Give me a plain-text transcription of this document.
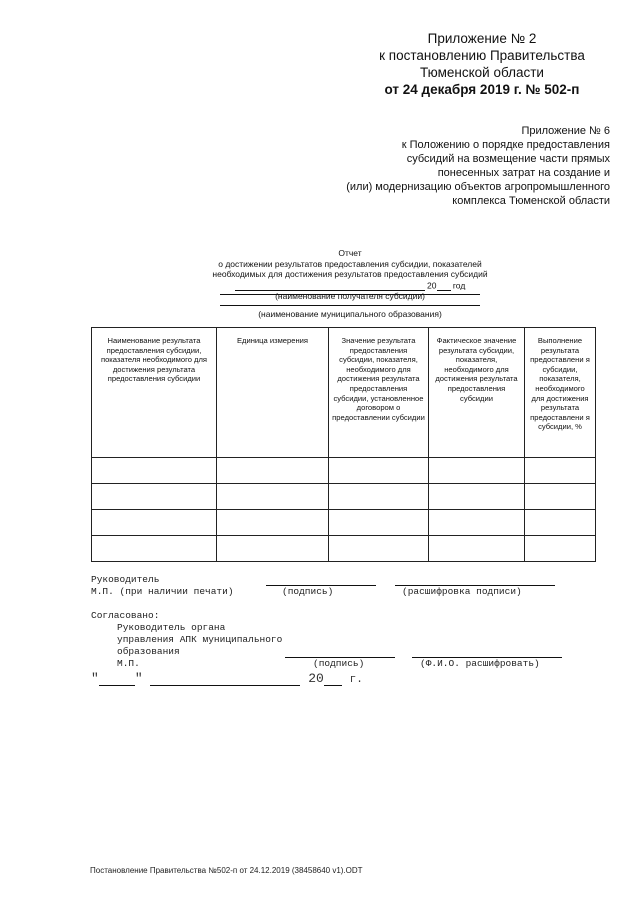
Приложение № 2
к постановлению Правительства
Тюменской области
от 24 декабря 2019 г. № 502-п
Приложение № 6
к Положению о порядке предоставления
субсидий на возмещение части прямых
понесенных затрат на создание и
(или) модернизацию объектов агропромышленного
комплекса Тюменской области
Отчет
о достижении результатов предоставления субсидии, показателей
необходимых для достижения результатов предоставления субсидий
20 год
(наименование получателя субсидии)
(наименование муниципального образования)
Наименование результата предоставления субсидии, показателя необходимого для достижения результата предоставления субсидии	Единица измерения	Значение результата предоставления субсидии, показателя, необходимого для достижения результата предоставления субсидии, установленное договором о предоставлении субсидии	Фактическое значение результата субсидии, показателя, необходимого для достижения результата предоставления субсидии	Выполнение результата предоставлени я субсидии, показателя, необходимого для достижения результата предоставлени я субсидии, %

Руководитель
М.П. (при наличии печати)	(подпись)	(расшифровка подписи)
Согласовано:
Руководитель органа
управления АПК муниципального
образования
М.П.	(подпись)	(Ф.И.О. расшифровать)
"	"	20 г.
Постановление Правительства №502-п от 24.12.2019 (38458640 v1).ODT
